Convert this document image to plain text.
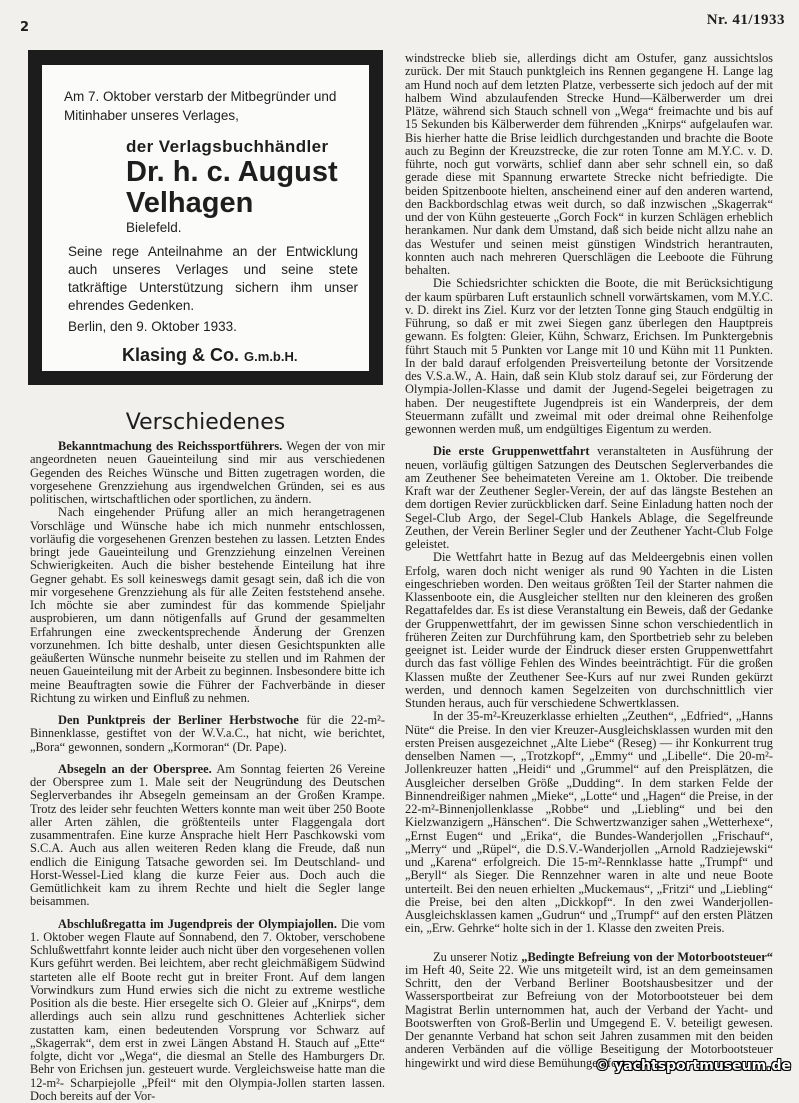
2	Nr. 41/1933
Am 7. Oktober verstarb der Mitbegründer und Mitinhaber unseres Verlages,
der Verlagsbuchhändler
Dr. h. c. August Velhagen
Bielefeld.
Seine rege Anteilnahme an der Entwicklung auch unseres Verlages und seine stete tatkräftige Unterstützung sichern ihm unser ehrendes Gedenken.
Berlin, den 9. Oktober 1933.
Klasing & Co. G.m.b.H.
Verschiedenes

Bekanntmachung des Reichssportführers. Wegen der von mir angeordneten neuen Gaueinteilung sind mir aus verschiedenen Gegenden des Reiches Wünsche und Bitten zugetragen worden, die vorgesehene Grenzziehung aus irgendwelchen Gründen, sei es aus politischen, wirtschaftlichen oder sportlichen, zu ändern.

Nach eingehender Prüfung aller an mich herangetragenen Vorschläge und Wünsche habe ich mich nunmehr entschlossen, vorläufig die vorgesehenen Grenzen bestehen zu lassen. Letzten Endes bringt jede Gaueinteilung und Grenzziehung einzelnen Vereinen Schwierigkeiten. Auch die bisher bestehende Einteilung hat ihre Gegner gehabt. Es soll keineswegs damit gesagt sein, daß ich die von mir vorgesehene Grenzziehung als für alle Zeiten feststehend ansehe. Ich möchte sie aber zumindest für das kommende Spieljahr ausprobieren, um dann nötigenfalls auf Grund der gesammelten Erfahrungen eine zweckentsprechende Änderung der Grenzen vorzunehmen. Ich bitte deshalb, unter diesen Gesichtspunkten alle geäußerten Wünsche nunmehr beiseite zu stellen und im Rahmen der neuen Gaueinteilung mit der Arbeit zu beginnen. Insbesondere bitte ich meine Beauftragten sowie die Führer der Fachverbände in dieser Richtung zu wirken und Einfluß zu nehmen.

Den Punktpreis der Berliner Herbstwoche für die 22-m²-Binnenklasse, gestiftet von der W.V.a.C., hat nicht, wie berichtet, „Bora“ gewonnen, sondern „Kormoran“ (Dr. Pape).

Absegeln an der Oberspree. Am Sonntag feierten 26 Vereine der Oberspree zum 1. Male seit der Neugründung des Deutschen Seglerverbandes ihr Absegeln gemeinsam an der Großen Krampe. Trotz des leider sehr feuchten Wetters konnte man weit über 250 Boote aller Arten zählen, die größtenteils unter Flaggengala dort zusammentrafen. Eine kurze Ansprache hielt Herr Paschkowski vom S.C.A. Auch aus allen weiteren Reden klang die Freude, daß nun endlich die Einigung Tatsache geworden sei. Im Deutschland- und Horst-Wessel-Lied klang die kurze Feier aus. Doch auch die Gemütlichkeit kam zu ihrem Rechte und hielt die Segler lange beisammen.

Abschlußregatta im Jugendpreis der Olympiajollen. Die vom 1. Oktober wegen Flaute auf Sonnabend, den 7. Oktober, verschobene Schlußwettfahrt konnte leider auch nicht über den vorgesehenen vollen Kurs geführt werden. Bei leichtem, aber recht gleichmäßigem Südwind starteten alle elf Boote recht gut in breiter Front. Auf dem langen Vorwindkurs zum Hund erwies sich die nicht zu extreme westliche Position als die beste. Hier ersegelte sich O. Gleier auf „Knirps“, dem allerdings auch sein allzu rund geschnittenes Achterliek sicher zustatten kam, einen bedeutenden Vorsprung vor Schwarz auf „Skagerrak“, dem erst in zwei Längen Abstand H. Stauch auf „Ette“ folgte, dicht vor „Wega“, die diesmal an Stelle des Hamburgers Dr. Behr von Erichsen jun. gesteuert wurde. Vergleichsweise hatte man die 12-m²- Scharpiejolle „Pfeil“ mit den Olympia-Jollen starten lassen. Doch bereits auf der Vor-

windstrecke blieb sie, allerdings dicht am Ostufer, ganz aussichtslos zurück. Der mit Stauch punktgleich ins Rennen gegangene H. Lange lag am Hund noch auf dem letzten Platze, verbesserte sich jedoch auf der mit halbem Wind abzulaufenden Strecke Hund—Kälberwerder um drei Plätze, während sich Stauch schnell von „Wega“ freimachte und bis auf 15 Sekunden bis Kälberwerder dem führenden „Knirps“ aufgelaufen war. Bis hierher hatte die Brise leidlich durchgestanden und brachte die Boote auch zu Beginn der Kreuzstrecke, die zur roten Tonne am M.Y.C. v. D. führte, noch gut vorwärts, schlief dann aber sehr schnell ein, so daß gerade diese mit Spannung erwartete Strecke nicht befriedigte. Die beiden Spitzenboote hielten, anscheinend einer auf den anderen wartend, den Backbordschlag etwas weit durch, so daß inzwischen „Skagerrak“ und der von Kühn gesteuerte „Gorch Fock“ in kurzen Schlägen erheblich herankamen. Nur dank dem Umstand, daß sich beide nicht allzu nahe an das Westufer und seinen meist günstigen Windstrich herantrauten, konnten auch nach mehreren Querschlägen die Leeboote die Führung behalten.

Die Schiedsrichter schickten die Boote, die mit Berücksichtigung der kaum spürbaren Luft erstaunlich schnell vorwärtskamen, vom M.Y.C. v. D. direkt ins Ziel. Kurz vor der letzten Tonne ging Stauch endgültig in Führung, so daß er mit zwei Siegen ganz überlegen den Hauptpreis gewann. Es folgten: Gleier, Kühn, Schwarz, Erichsen. Im Punktergebnis führt Stauch mit 5 Punkten vor Lange mit 10 und Kühn mit 11 Punkten. In der bald darauf erfolgenden Preisverteilung betonte der Vorsitzende des V.S.a.W., A. Hain, daß sein Klub stolz darauf sei, zur Förderung der Olympia-Jollen-Klasse und damit der Jugend-Segelei beigetragen zu haben. Der neugestiftete Jugendpreis ist ein Wanderpreis, der dem Steuermann zufällt und zweimal mit oder dreimal ohne Reihenfolge gewonnen werden muß, um endgültiges Eigentum zu werden.

Die erste Gruppenwettfahrt veranstalteten in Ausführung der neuen, vorläufig gültigen Satzungen des Deutschen Seglerverbandes die am Zeuthener See beheimateten Vereine am 1. Oktober. Die treibende Kraft war der Zeuthener Segler-Verein, der auf das längste Bestehen an dem dortigen Revier zurückblicken darf. Seine Einladung hatten noch der Segel-Club Argo, der Segel-Club Hankels Ablage, die Segelfreunde Zeuthen, der Verein Berliner Segler und der Zeuthener Yacht-Club Folge geleistet.

Die Wettfahrt hatte in Bezug auf das Meldeergebnis einen vollen Erfolg, waren doch nicht weniger als rund 90 Yachten in die Listen eingeschrieben worden. Den weitaus größten Teil der Starter nahmen die Klassenboote ein, die Ausgleicher stellten nur den kleineren des großen Regattafeldes dar. Es ist diese Veranstaltung ein Beweis, daß der Gedanke der Gruppenwettfahrt, der im gewissen Sinne schon verschiedentlich in früheren Zeiten zur Durchführung kam, den Sportbetrieb sehr zu beleben geeignet ist. Leider wurde der Eindruck dieser ersten Gruppenwettfahrt durch das fast völlige Fehlen des Windes beeinträchtigt. Für die großen Klassen mußte der Zeuthener See-Kurs auf nur zwei Runden gekürzt werden, und dennoch kamen Segelzeiten von durchschnittlich vier Stunden heraus, auch für verschiedene Schwertklassen.

In der 35-m²-Kreuzerklasse erhielten „Zeuthen“, „Edfried“, „Hanns Nüte“ die Preise. In den vier Kreuzer-Ausgleichsklassen wurden mit den ersten Preisen ausgezeichnet „Alte Liebe“ (Reseg) — ihr Konkurrent trug denselben Namen —, „Trotzkopf“, „Emmy“ und „Libelle“. Die 20-m²-Jollenkreuzer hatten „Heidi“ und „Grummel“ auf den Preisplätzen, die Ausgleicher derselben Größe „Dudding“. In dem starken Felde der Binnendreißiger nahmen „Mieke“, „Lotte“ und „Hagen“ die Preise, in der 22-m²-Binnenjollenklasse „Robbe“ und „Liebling“ und bei den Kielzwanzigern „Hänschen“. Die Schwertzwanziger sahen „Wetterhexe“, „Ernst Eugen“ und „Erika“, die Bundes-Wanderjollen „Frischauf“, „Merry“ und „Rüpel“, die D.S.V.-Wanderjollen „Arnold Radziejewski“ und „Karena“ erfolgreich. Die 15-m²-Rennklasse hatte „Trumpf“ und „Beryll“ als Sieger. Die Rennzehner waren in alte und neue Boote unterteilt. Bei den neuen erhielten „Muckemaus“, „Fritzi“ und „Liebling“ die Preise, bei den alten „Dickkopf“. In den zwei Wanderjollen-Ausgleichsklassen kamen „Gudrun“ und „Trumpf“ auf den ersten Plätzen ein, „Erw. Gehrke“ holte sich in der 1. Klasse den zweiten Preis.

Zu unserer Notiz „Bedingte Befreiung von der Motorbootsteuer“ im Heft 40, Seite 22. Wie uns mitgeteilt wird, ist an dem gemeinsamen Schritt, den der Verband Berliner Bootshausbesitzer und der Wassersportbeirat zur Befreiung von der Motorbootsteuer bei dem Magistrat Berlin unternommen hat, auch der Verband der Yacht- und Bootswerften von Groß-Berlin und Umgegend E. V. beteiligt gewesen. Der genannte Verband hat schon seit Jahren zusammen mit den beiden anderen Verbänden auf die völlige Beseitigung der Motorbootsteuer hingewirkt und wird diese Bemühungen fortsetzen.

© yachtsportmuseum.de
